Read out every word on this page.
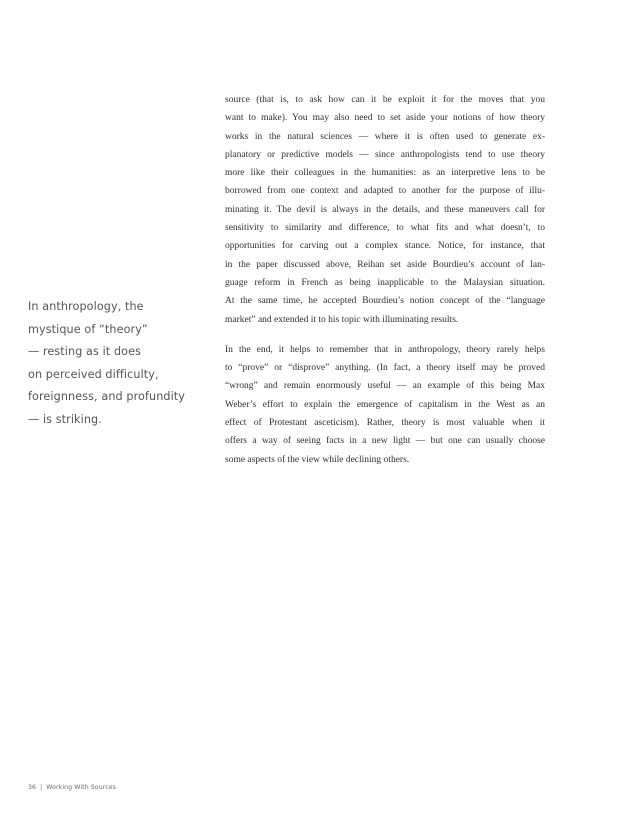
In anthropology, the
mystique of “theory”
— resting as it does
on perceived difficulty,
foreignness, and profundity
— is striking.

source (that is, to ask how can it be exploit it for the moves that you
want to make). You may also need to set aside your notions of how theory
works in the natural sciences — where it is often used to generate ex-
planatory or predictive models — since anthropologists tend to use theory
more like their colleagues in the humanities: as an interpretive lens to be
borrowed from one context and adapted to another for the purpose of illu-
minating it. The devil is always in the details, and these maneuvers call for
sensitivity to similarity and difference, to what fits and what doesn’t, to
opportunities for carving out a complex stance. Notice, for instance, that
in the paper discussed above, Reihan set aside Bourdieu’s account of lan-
guage reform in French as being inapplicable to the Malaysian situation.
At the same time, he accepted Bourdieu’s notion concept of the “language
market” and extended it to his topic with illuminating results.

In the end, it helps to remember that in anthropology, theory rarely helps
to “prove” or “disprove” anything. (In fact, a theory itself may be proved
“wrong” and remain enormously useful — an example of this being Max
Weber’s effort to explain the emergence of capitalism in the West as an
effect of Protestant asceticism). Rather, theory is most valuable when it
offers a way of seeing facts in a new light — but one can usually choose
some aspects of the view while declining others.

36 | Working With Sources
